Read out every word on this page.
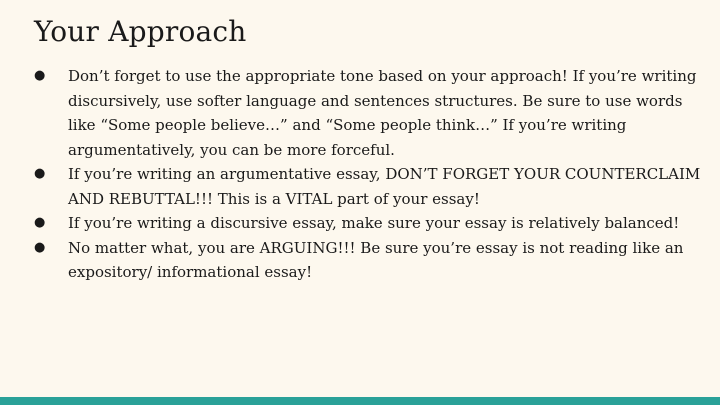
Your Approach
● Don’t forget to use the appropriate tone based on your approach! If you’re writing discursively, use softer language and sentences structures. Be sure to use words like “Some people believe…” and “Some people think…” If you’re writing argumentatively, you can be more forceful.
● If you’re writing an argumentative essay, DON’T FORGET YOUR COUNTERCLAIM AND REBUTTAL!!! This is a VITAL part of your essay!
● If you’re writing a discursive essay, make sure your essay is relatively balanced!
● No matter what, you are ARGUING!!! Be sure you’re essay is not reading like an expository/ informational essay!
